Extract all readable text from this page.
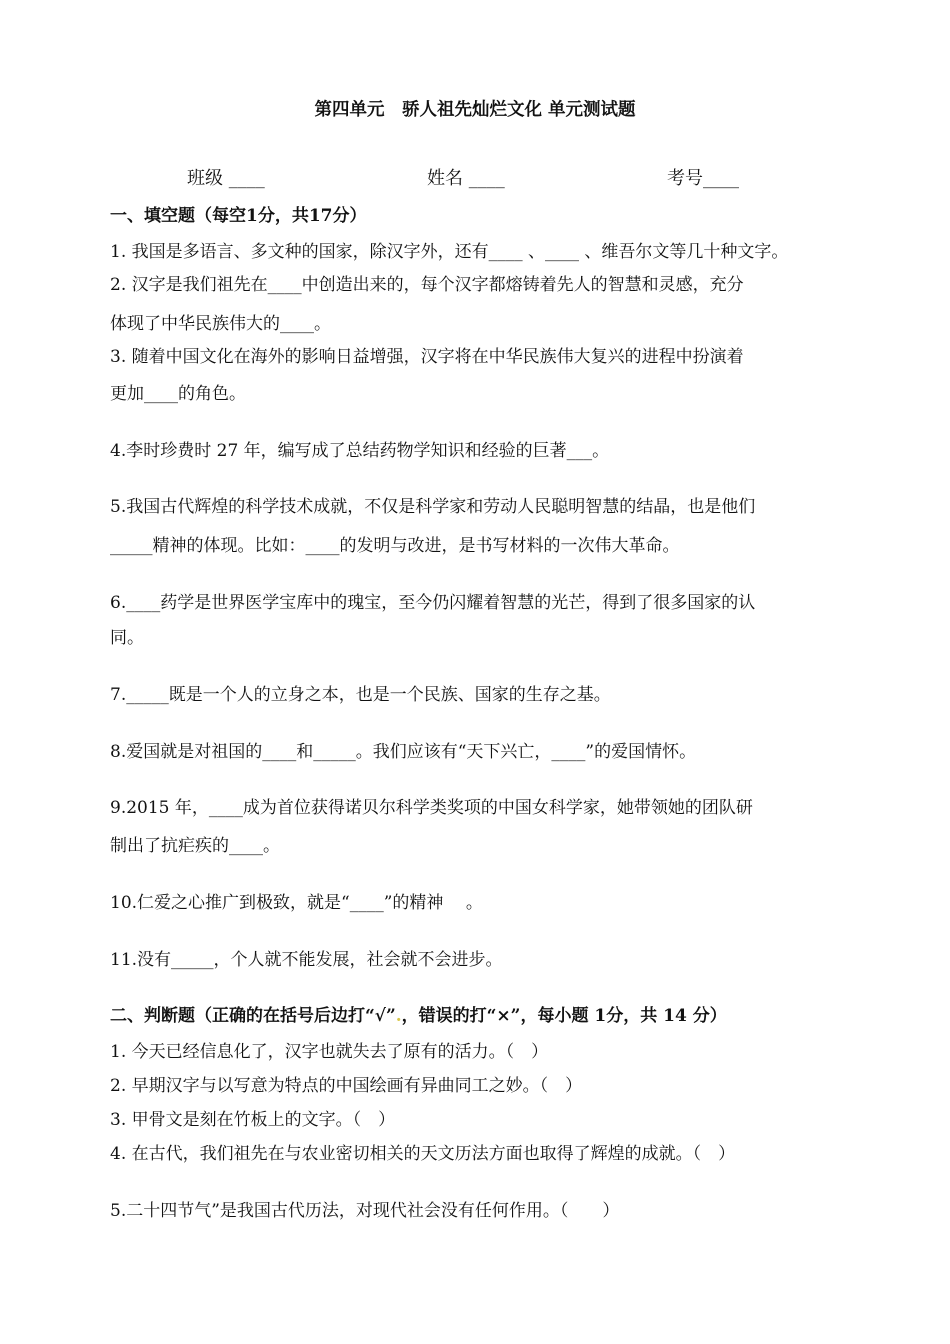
第四单元　骄人祖先灿烂文化 单元测试题
班级 ____	姓名 ____	考号____
一、填空题（每空1分，共17分）
1. 我国是多语言、多文种的国家，除汉字外，还有____ 、____ 、维吾尔文等几十种文字。
2. 汉字是我们祖先在____中创造出来的，每个汉字都熔铸着先人的智慧和灵感，充分
体现了中华民族伟大的____。
3. 随着中国文化在海外的影响日益增强，汉字将在中华民族伟大复兴的进程中扮演着
更加____的角色。
4.李时珍费时 27 年，编写成了总结药物学知识和经验的巨著___。
5.我国古代辉煌的科学技术成就，不仅是科学家和劳动人民聪明智慧的结晶，也是他们
_____精神的体现。比如：____的发明与改进，是书写材料的一次伟大革命。
6.____药学是世界医学宝库中的瑰宝，至今仍闪耀着智慧的光芒，得到了很多国家的认
同。
7._____既是一个人的立身之本，也是一个民族、国家的生存之基。
8.爱国就是对祖国的____和_____。我们应该有“天下兴亡，____”的爱国情怀。
9.2015 年，____成为首位获得诺贝尔科学类奖项的中国女科学家，她带领她的团队研
制出了抗疟疾的____。
10.仁爱之心推广到极致，就是“____”的精神 　。
11.没有_____，个人就不能发展，社会就不会进步。
二、判断题（正确的在括号后边打“√”.，错误的打“×”，每小题 1分，共 14 分）
1. 今天已经信息化了，汉字也就失去了原有的活力。（　）
2. 早期汉字与以写意为特点的中国绘画有异曲同工之妙。（　）
3. 甲骨文是刻在竹板上的文字。（　）
4. 在古代，我们祖先在与农业密切相关的天文历法方面也取得了辉煌的成就。（　）
5.二十四节气”是我国古代历法，对现代社会没有任何作用。（　　）
